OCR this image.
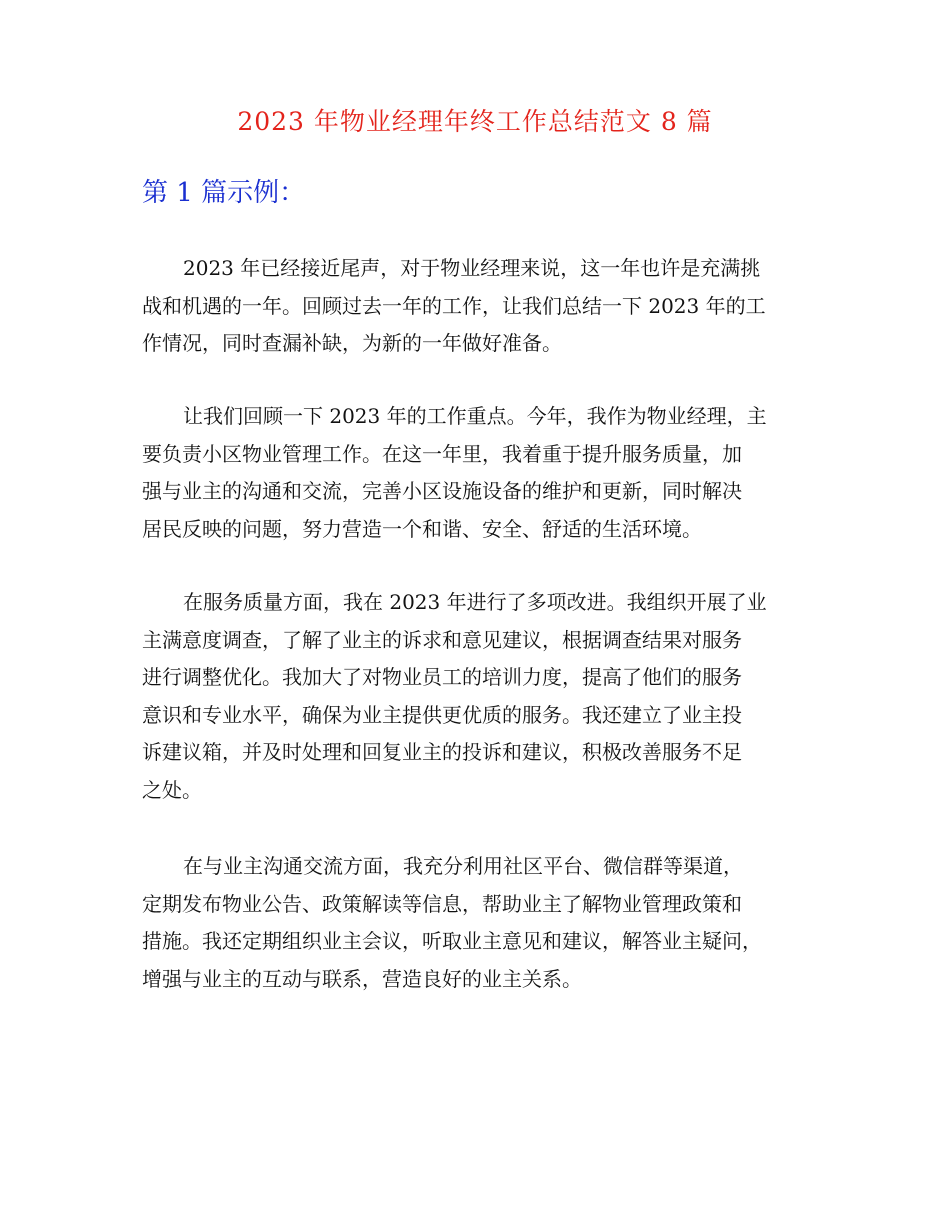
2023 年物业经理年终工作总结范文 8 篇
第 1 篇示例：
2023 年已经接近尾声，对于物业经理来说，这一年也许是充满挑
战和机遇的一年。回顾过去一年的工作，让我们总结一下 2023 年的工
作情况，同时查漏补缺，为新的一年做好准备。
让我们回顾一下 2023 年的工作重点。今年，我作为物业经理，主
要负责小区物业管理工作。在这一年里，我着重于提升服务质量，加
强与业主的沟通和交流，完善小区设施设备的维护和更新，同时解决
居民反映的问题，努力营造一个和谐、安全、舒适的生活环境。
在服务质量方面，我在 2023 年进行了多项改进。我组织开展了业
主满意度调查，了解了业主的诉求和意见建议，根据调查结果对服务
进行调整优化。我加大了对物业员工的培训力度，提高了他们的服务
意识和专业水平，确保为业主提供更优质的服务。我还建立了业主投
诉建议箱，并及时处理和回复业主的投诉和建议，积极改善服务不足
之处。
在与业主沟通交流方面，我充分利用社区平台、微信群等渠道，
定期发布物业公告、政策解读等信息，帮助业主了解物业管理政策和
措施。我还定期组织业主会议，听取业主意见和建议，解答业主疑问，
增强与业主的互动与联系，营造良好的业主关系。
